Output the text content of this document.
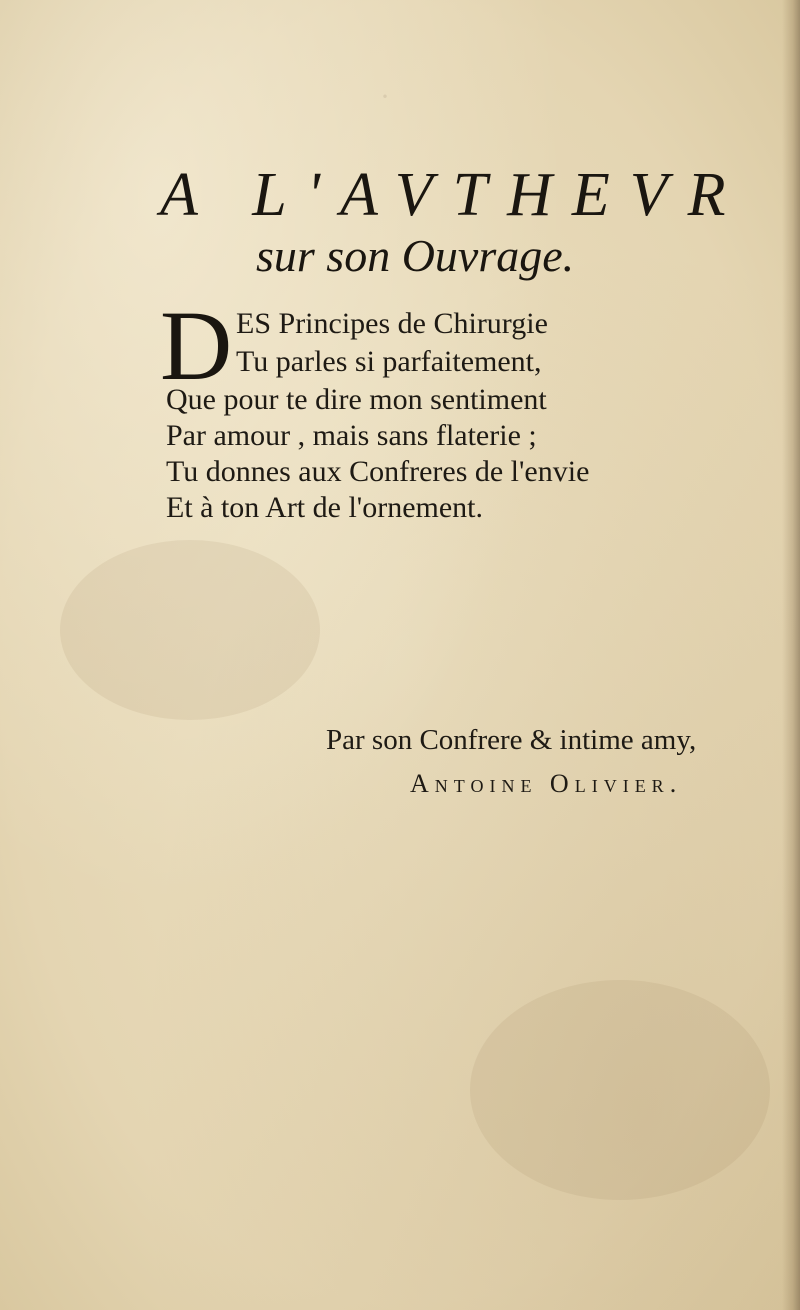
·
A L'AVTHEVR
sur son Ouvrage.
D ES Principes de Chirurgie
Tu parles si parfaitement,
Que pour te dire mon sentiment
Par amour , mais sans flaterie ;
Tu donnes aux Confreres de l'envie
Et à ton Art de l'ornement.
Par son Confrere & intime amy,
Antoine Olivier.
